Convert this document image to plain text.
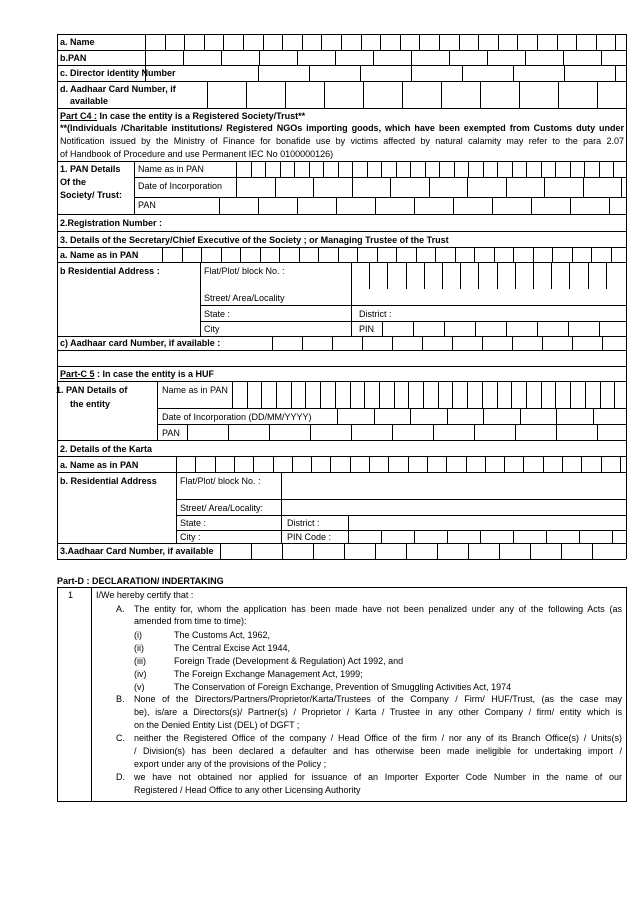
a. Name
b.PAN
c. Director identity Number
d. Aadhaar Card Number, if
available
Part C4 : In case the entity is a Registered Society/Trust**
**(Individuals /Charitable institutions/ Registered NGOs importing goods, which have been exempted from Customs duty under
Notification issued by the Ministry of Finance for bonafide use by victims affected by natural calamity may refer to the para 2.07
of Handbook of Procedure and use Permanent IEC No 0100000126)
1. PAN Details
Of the
Society/ Trust:
Name as in PAN
Date of Incorporation
PAN
2.Registration Number :
3. Details of the Secretary/Chief Executive of the Society ; or Managing Trustee of the Trust
a. Name as in PAN
b Residential Address :	Flat/Plot/ block No. :
Street/ Area/Locality
State :	District :
City	PIN
c) Aadhaar card Number, if available :
Part-C 5 : In case the entity is a HUF
1. PAN Details of
the entity
Name as in PAN
Date of Incorporation (DD/MM/YYYY)
PAN
2. Details of the Karta
a. Name as in PAN
b. Residential Address	Flat/Plot/ block No. :
Street/ Area/Locality:
State :	District :
City :	PIN Code :
3.Aadhaar Card Number, if available
Part-D : DECLARATION/ INDERTAKING
1	I/We hereby certify that :
A. The entity for, whom the application has been made have not been penalized under any of the following Acts (as
amended from time to time):
(i)	The Customs Act, 1962,
(ii)	The Central Excise Act 1944,
(iii)	Foreign Trade (Development & Regulation) Act 1992, and
(iv)	The Foreign Exchange Management Act, 1999;
(v)	The Conservation of Foreign Exchange, Prevention of Smuggling Activities Act, 1974
B. None of the Directors/Partners/Proprietor/Karta/Trustees of the Company / Firm/ HUF/Trust, (as the case may
be), is/are a Directors(s)/ Partner(s) / Proprietor / Karta / Trustee in any other Company / firm/ entity which is
on the Denied Entity List (DEL) of DGFT ;
C. neither the Registered Office of the company / Head Office of the firm / nor any of its Branch Office(s) / Units(s)
/ Division(s) has been declared a defaulter and has otherwise been made ineligible for undertaking import /
export under any of the provisions of the Policy ;
D. we have not obtained nor applied for issuance of an Importer Exporter Code Number in the name of our
Registered / Head Office to any other Licensing Authority
